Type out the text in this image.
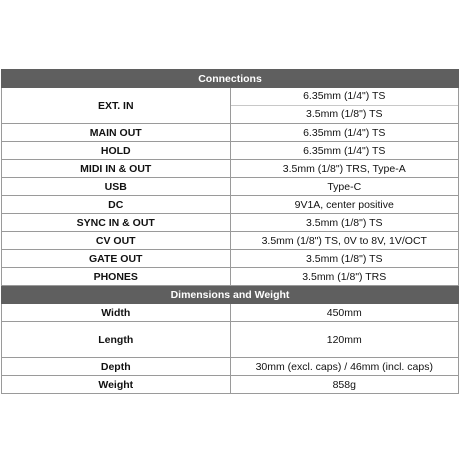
Connections	
EXT. IN	6.35mm (1/4") TS
3.5mm (1/8") TS

MAIN OUT	6.35mm (1/4") TS
HOLD	6.35mm (1/4") TS
MIDI IN & OUT	3.5mm (1/8") TRS, Type-A
USB	Type-C
DC	9V1A, center positive
SYNC IN & OUT	3.5mm (1/8") TS
CV OUT	3.5mm (1/8") TS, 0V to 8V, 1V/OCT
GATE OUT	3.5mm (1/8") TS
PHONES	3.5mm (1/8") TRS
Dimensions and Weight	
Width	450mm
Length	120mm
Depth	30mm (excl. caps) / 46mm (incl. caps)
Weight	858g
